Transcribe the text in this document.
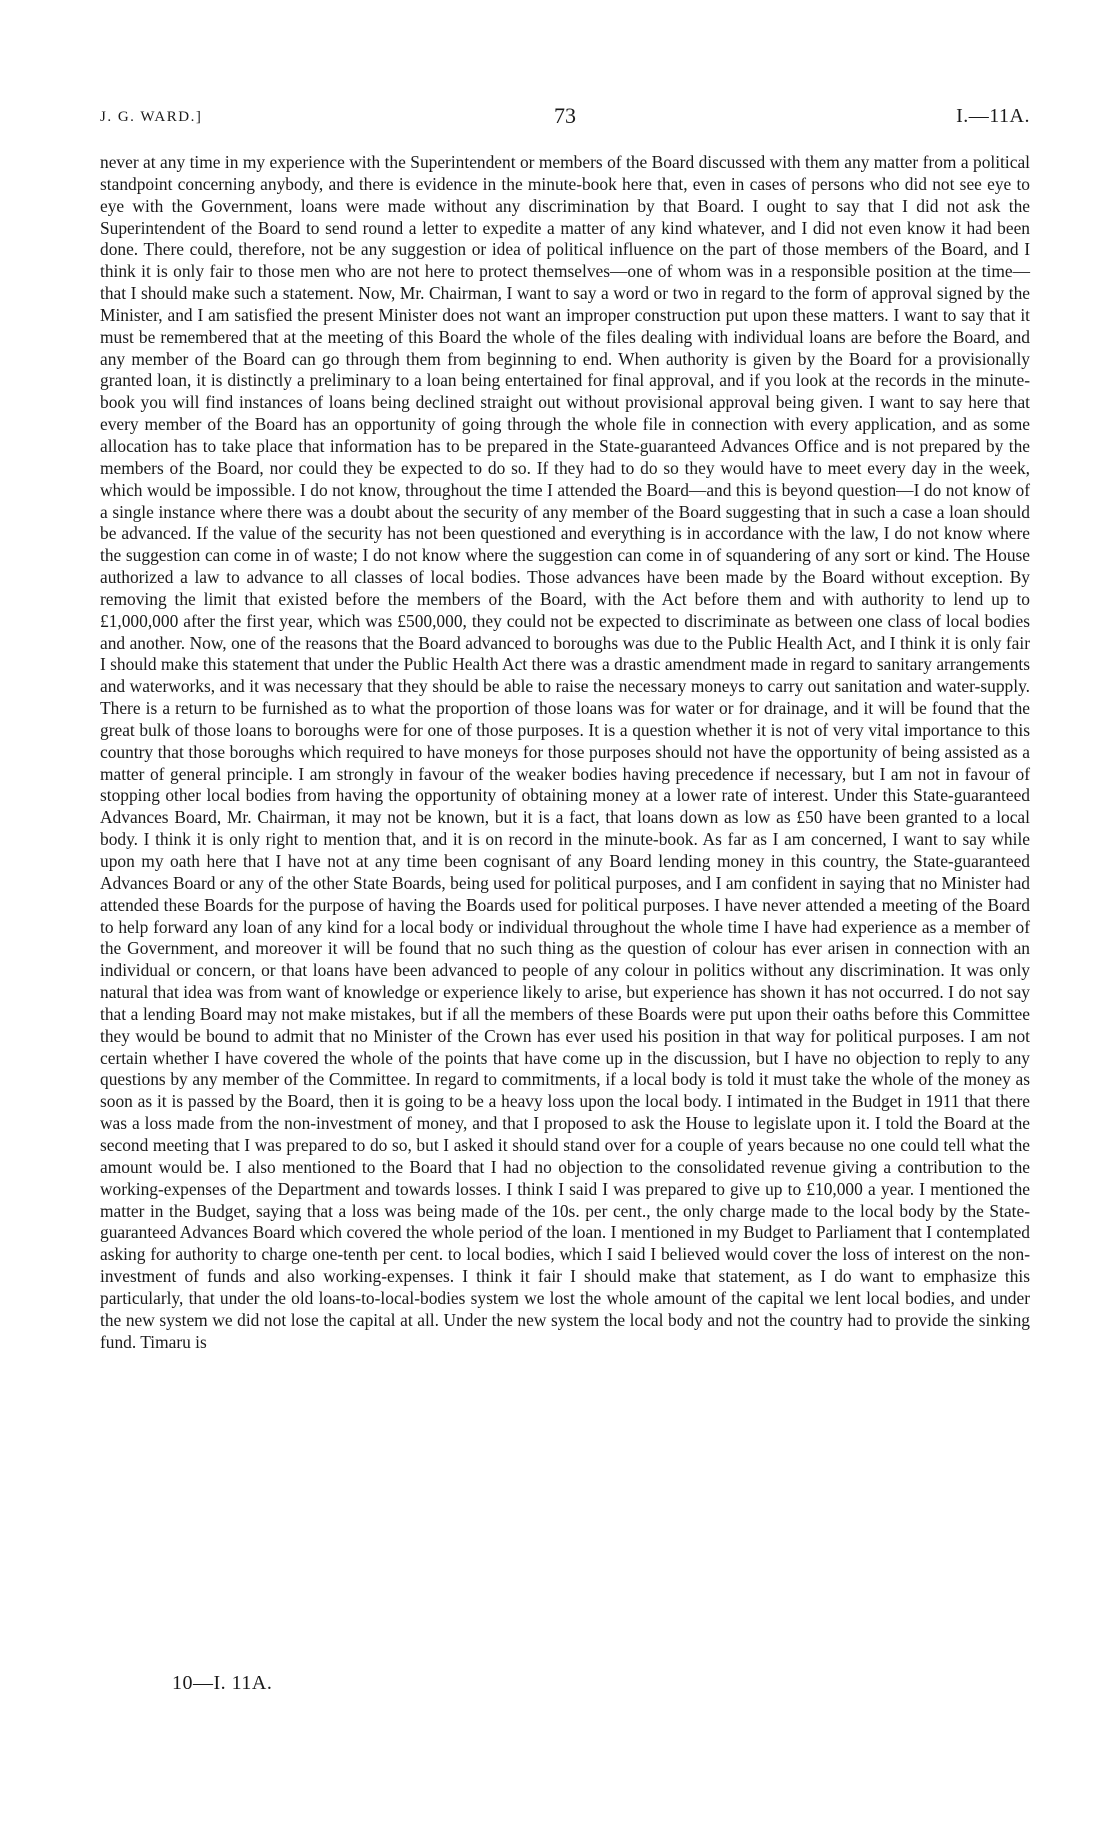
J. G. WARD.]	73	I.—11A.

never at any time in my experience with the Superintendent or members of the Board discussed with them any matter from a political standpoint concerning anybody, and there is evidence in the minute-book here that, even in cases of persons who did not see eye to eye with the Government, loans were made without any discrimination by that Board. I ought to say that I did not ask the Superintendent of the Board to send round a letter to expedite a matter of any kind whatever, and I did not even know it had been done. There could, therefore, not be any suggestion or idea of political influence on the part of those members of the Board, and I think it is only fair to those men who are not here to protect themselves—one of whom was in a responsible position at the time—that I should make such a statement. Now, Mr. Chairman, I want to say a word or two in regard to the form of approval signed by the Minister, and I am satisfied the present Minister does not want an improper construction put upon these matters. I want to say that it must be remembered that at the meeting of this Board the whole of the files dealing with individual loans are before the Board, and any member of the Board can go through them from beginning to end. When authority is given by the Board for a provisionally granted loan, it is distinctly a preliminary to a loan being entertained for final approval, and if you look at the records in the minute-book you will find instances of loans being declined straight out without provisional approval being given. I want to say here that every member of the Board has an opportunity of going through the whole file in connection with every application, and as some allocation has to take place that information has to be prepared in the State-guaranteed Advances Office and is not prepared by the members of the Board, nor could they be expected to do so. If they had to do so they would have to meet every day in the week, which would be impossible. I do not know, throughout the time I attended the Board—and this is beyond question—I do not know of a single instance where there was a doubt about the security of any member of the Board suggesting that in such a case a loan should be advanced. If the value of the security has not been questioned and everything is in accordance with the law, I do not know where the suggestion can come in of waste; I do not know where the suggestion can come in of squandering of any sort or kind. The House authorized a law to advance to all classes of local bodies. Those advances have been made by the Board without exception. By removing the limit that existed before the members of the Board, with the Act before them and with authority to lend up to £1,000,000 after the first year, which was £500,000, they could not be expected to discriminate as between one class of local bodies and another. Now, one of the reasons that the Board advanced to boroughs was due to the Public Health Act, and I think it is only fair I should make this statement that under the Public Health Act there was a drastic amendment made in regard to sanitary arrangements and waterworks, and it was necessary that they should be able to raise the necessary moneys to carry out sanitation and water-supply. There is a return to be furnished as to what the proportion of those loans was for water or for drainage, and it will be found that the great bulk of those loans to boroughs were for one of those purposes. It is a question whether it is not of very vital importance to this country that those boroughs which required to have moneys for those purposes should not have the opportunity of being assisted as a matter of general principle. I am strongly in favour of the weaker bodies having precedence if necessary, but I am not in favour of stopping other local bodies from having the opportunity of obtaining money at a lower rate of interest. Under this State-guaranteed Advances Board, Mr. Chairman, it may not be known, but it is a fact, that loans down as low as £50 have been granted to a local body. I think it is only right to mention that, and it is on record in the minute-book. As far as I am concerned, I want to say while upon my oath here that I have not at any time been cognisant of any Board lending money in this country, the State-guaranteed Advances Board or any of the other State Boards, being used for political purposes, and I am confident in saying that no Minister had attended these Boards for the purpose of having the Boards used for political purposes. I have never attended a meeting of the Board to help forward any loan of any kind for a local body or individual throughout the whole time I have had experience as a member of the Government, and moreover it will be found that no such thing as the question of colour has ever arisen in connection with an individual or concern, or that loans have been advanced to people of any colour in politics without any discrimination. It was only natural that idea was from want of knowledge or experience likely to arise, but experience has shown it has not occurred. I do not say that a lending Board may not make mistakes, but if all the members of these Boards were put upon their oaths before this Committee they would be bound to admit that no Minister of the Crown has ever used his position in that way for political purposes. I am not certain whether I have covered the whole of the points that have come up in the discussion, but I have no objection to reply to any questions by any member of the Committee. In regard to commitments, if a local body is told it must take the whole of the money as soon as it is passed by the Board, then it is going to be a heavy loss upon the local body. I intimated in the Budget in 1911 that there was a loss made from the non-investment of money, and that I proposed to ask the House to legislate upon it. I told the Board at the second meeting that I was prepared to do so, but I asked it should stand over for a couple of years because no one could tell what the amount would be. I also mentioned to the Board that I had no objection to the consolidated revenue giving a contribution to the working-expenses of the Department and towards losses. I think I said I was prepared to give up to £10,000 a year. I mentioned the matter in the Budget, saying that a loss was being made of the 10s. per cent., the only charge made to the local body by the State-guaranteed Advances Board which covered the whole period of the loan. I mentioned in my Budget to Parliament that I contemplated asking for authority to charge one-tenth per cent. to local bodies, which I said I believed would cover the loss of interest on the non-investment of funds and also working-expenses. I think it fair I should make that statement, as I do want to emphasize this particularly, that under the old loans-to-local-bodies system we lost the whole amount of the capital we lent local bodies, and under the new system we did not lose the capital at all. Under the new system the local body and not the country had to provide the sinking fund. Timaru is

10—I. 11A.
